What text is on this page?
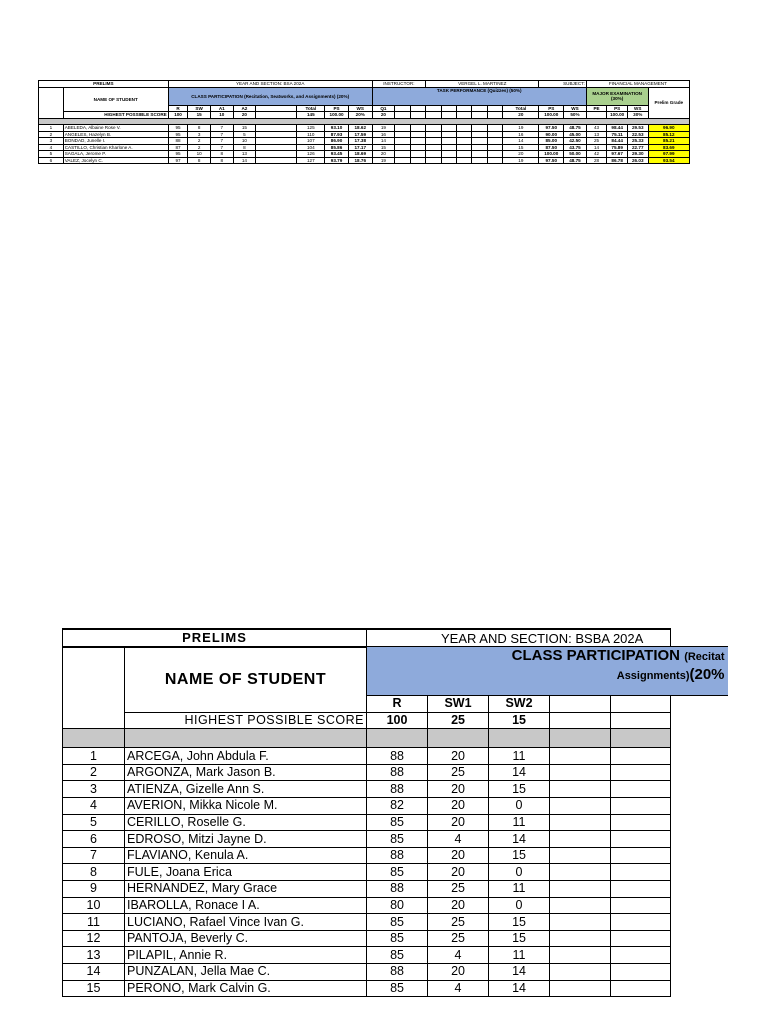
PRELIMS		YEAR AND SECTION: BSA 202A								INSTRUCTOR:			VERGEL L. MARTINEZ						SUBJECT:		FINANCIAL MANAGEMENT			
	NAME OF STUDENT	CLASS PARTICIPATION (Recitation, Seatworks, and Assignments) (20%)								TASK PERFORMANCE (Quizzes) (50%)											MAJOR EXAMINATION (30%)			Prelim Grade
		R	SW	A1	A2		Total	PS	WS	Q1								Total	PS	WS	PE	PS	WS	
	HIGHEST POSSIBLE SCORE	100	15	10	20		145	100.00	20%	20								20	100.00	50%		100.00	30%	

1	ABELEDA, Albaine Rose V.	95	8	7	15		125	93.10	18.62	19								19	97.50	48.75	43	98.44	29.53	96.90
2	ANGELES, Hazelyn B.	95	3	7	5		110	87.93	17.59	16								16	90.00	45.00	13	75.11	22.53	85.12
3	BONDAD, Junelle I.	88	2	7	10		107	86.90	17.38	14								14	85.00	42.50	25	84.44	25.33	85.21
4	CASTILLO, Christian Kharlone A.	87	2	7	8		104	85.86	17.17	15								15	87.50	43.75	14	75.89	22.77	83.69
5	SAGALA, Jerome P.	95	10	8	13		126	93.45	18.69	20								20	100.00	50.00	42	97.67	29.30	97.99
6	VALEZ, Jocelyn C.	97	8	8	14		127	93.79	18.76	19								19	97.50	48.75	28	86.78	26.03	93.54
PRELIMS		YEAR AND SECTION: BSBA 202A					
	NAME OF STUDENT	CLASS PARTICIPATION (Recitat
Assignments)(20%					

		R	SW1	SW2			
	HIGHEST POSSIBLE SCORE	100	25	15			

1	ARCEGA, John Abdula F.	88	20	11			
2	ARGONZA, Mark Jason B.	88	25	14			
3	ATIENZA, Gizelle Ann S.	88	20	15			
4	AVERION, Mikka Nicole M.	82	20	0			
5	CERILLO, Roselle G.	85	20	11			
6	EDROSO, Mitzi Jayne D.	85	4	14			
7	FLAVIANO, Kenula A.	88	20	15			
8	FULE, Joana Erica	85	20	0			
9	HERNANDEZ, Mary Grace	88	25	11			
10	IBAROLLA, Ronace I A.	80	20	0			
11	LUCIANO, Rafael Vince Ivan G.	85	25	15			
12	PANTOJA, Beverly C.	85	25	15			
13	PILAPIL, Annie R.	85	4	11			
14	PUNZALAN, Jella Mae C.	88	20	14			
15	PERONO, Mark Calvin G.	85	4	14			
